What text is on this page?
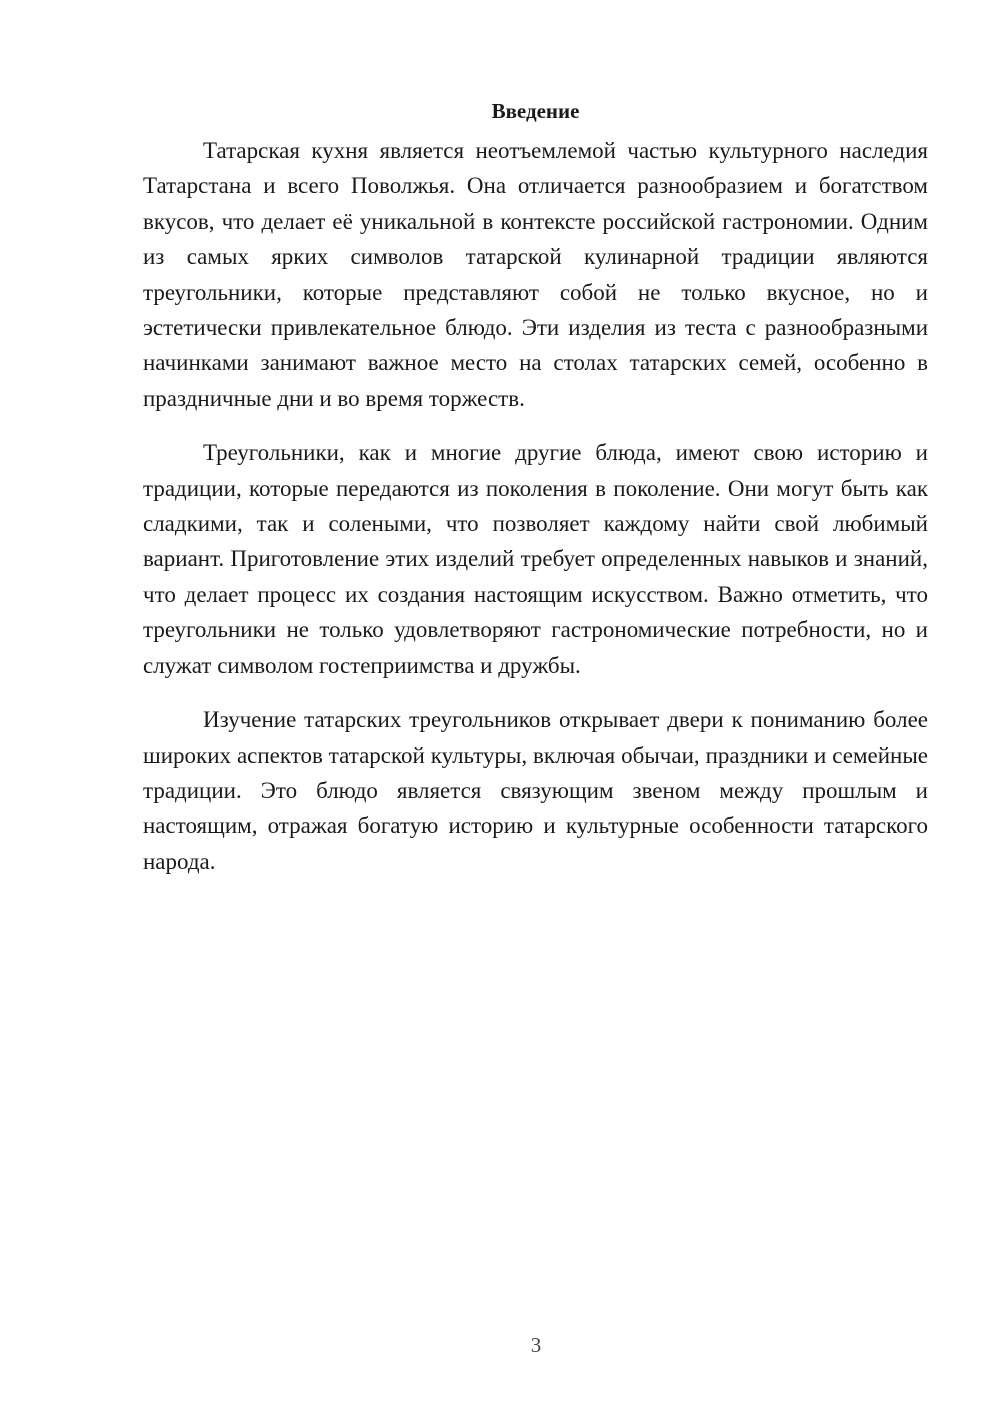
Введение

Татарская кухня является неотъемлемой частью культурного наследия Татарстана и всего Поволжья. Она отличается разнообразием и богатством вкусов, что делает её уникальной в контексте российской гастрономии. Одним из самых ярких символов татарской кулинарной традиции являются треугольники, которые представляют собой не только вкусное, но и эстетически привлекательное блюдо. Эти изделия из теста с разнообразными начинками занимают важное место на столах татарских семей, особенно в праздничные дни и во время торжеств.

Треугольники, как и многие другие блюда, имеют свою историю и традиции, которые передаются из поколения в поколение. Они могут быть как сладкими, так и солеными, что позволяет каждому найти свой любимый вариант. Приготовление этих изделий требует определенных навыков и знаний, что делает процесс их создания настоящим искусством. Важно отметить, что треугольники не только удовлетворяют гастрономические потребности, но и служат символом гостеприимства и дружбы.

Изучение татарских треугольников открывает двери к пониманию более широких аспектов татарской культуры, включая обычаи, праздники и семейные традиции. Это блюдо является связующим звеном между прошлым и настоящим, отражая богатую историю и культурные особенности татарского народа.

3
